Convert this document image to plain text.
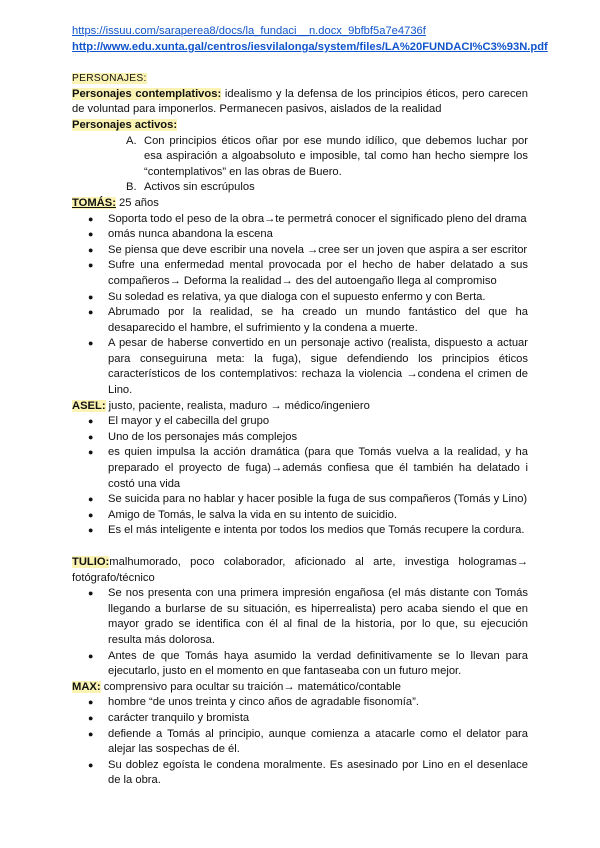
https://issuu.com/saraperea8/docs/la_fundaci__n.docx_9bfbf5a7e4736f
http://www.edu.xunta.gal/centros/iesvilalonga/system/files/LA%20FUNDACI%C3%93N.pdf

PERSONAJES:

Personajes contemplativos: idealismo y la defensa de los principios éticos, pero carecen de voluntad para imponerlos. Permanecen pasivos, aislados de la realidad

Personajes activos:

A. Con principios éticos oñar por ese mundo idílico, que debemos luchar por esa aspiración a algoabsoluto e imposible, tal como han hecho siempre los “contemplativos” en las obras de Buero.
B. Activos sin escrúpulos

TOMÁS: 25 años

● Soporta todo el peso de la obra→te permetrá conocer el significado pleno del drama
● omás nunca abandona la escena
● Se piensa que deve escribir una novela →cree ser un joven que aspira a ser escritor
● Sufre una enfermedad mental provocada por el hecho de haber delatado a sus compañeros→ Deforma la realidad→ des del autoengaño llega al compromiso
● Su soledad es relativa, ya que dialoga con el supuesto enfermo y con Berta.
● Abrumado por la realidad, se ha creado un mundo fantástico del que ha desaparecido el hambre, el sufrimiento y la condena a muerte.
● A pesar de haberse convertido en un personaje activo (realista, dispuesto a actuar para conseguiruna meta: la fuga), sigue defendiendo los principios éticos característicos de los contemplativos: rechaza la violencia →condena el crimen de Lino.

ASEL: justo, paciente, realista, maduro → médico/ingeniero

● El mayor y el cabecilla del grupo
● Uno de los personajes más complejos
● es quien impulsa la acción dramática (para que Tomás vuelva a la realidad, y ha preparado el proyecto de fuga)→además confiesa que él también ha delatado i costó una vida
● Se suicida para no hablar y hacer posible la fuga de sus compañeros (Tomás y Lino)
● Amigo de Tomás, le salva la vida en su intento de suicidio.
● Es el más inteligente e intenta por todos los medios que Tomás recupere la cordura.

TULIO:malhumorado, poco colaborador, aficionado al arte, investiga hologramas→ fotógrafo/técnico

● Se nos presenta con una primera impresión engañosa (el más distante con Tomás llegando a burlarse de su situación, es hiperrealista) pero acaba siendo el que en mayor grado se identifica con él al final de la historia, por lo que, su ejecución resulta más dolorosa.
● Antes de que Tomás haya asumido la verdad definitivamente se lo llevan para ejecutarlo, justo en el momento en que fantaseaba con un futuro mejor.

MAX: comprensivo para ocultar su traición→ matemático/contable

● hombre “de unos treinta y cinco años de agradable fisonomía”.
● carácter tranquilo y bromista
● defiende a Tomás al principio, aunque comienza a atacarle como el delator para alejar las sospechas de él.
● Su doblez egoísta le condena moralmente. Es asesinado por Lino en el desenlace de la obra.
